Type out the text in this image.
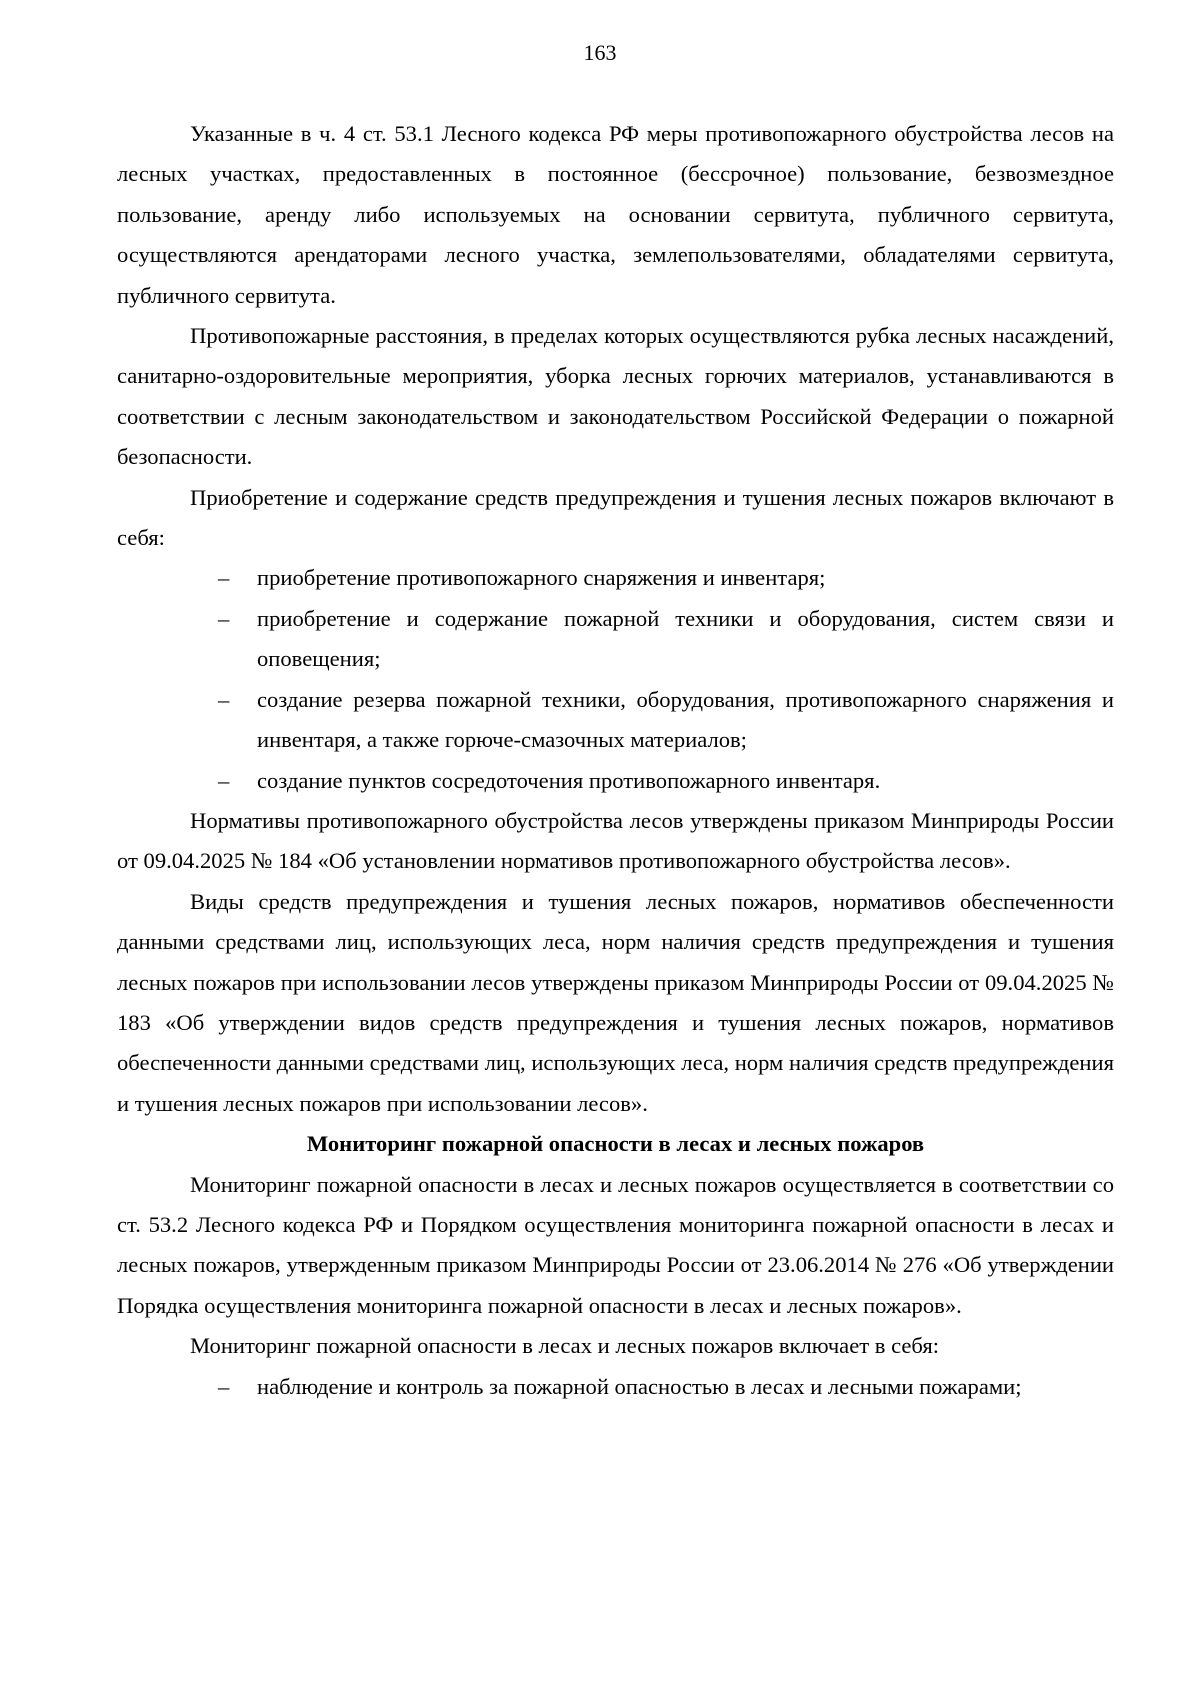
163

Указанные в ч. 4 ст. 53.1 Лесного кодекса РФ меры противопожарного обустройства лесов на лесных участках, предоставленных в постоянное (бессрочное) пользование, безвозмездное пользование, аренду либо используемых на основании сервитута, публичного сервитута, осуществляются арендаторами лесного участка, землепользователями, обладателями сервитута, публичного сервитута.

Противопожарные расстояния, в пределах которых осуществляются рубка лесных насаждений, санитарно-оздоровительные мероприятия, уборка лесных горючих материалов, устанавливаются в соответствии с лесным законодательством и законодательством Российской Федерации о пожарной безопасности.

Приобретение и содержание средств предупреждения и тушения лесных пожаров включают в себя:

– приобретение противопожарного снаряжения и инвентаря;
– приобретение и содержание пожарной техники и оборудования, систем связи и оповещения;
– создание резерва пожарной техники, оборудования, противопожарного снаряжения и инвентаря, а также горюче-смазочных материалов;
– создание пунктов сосредоточения противопожарного инвентаря.

Нормативы противопожарного обустройства лесов утверждены приказом Минприроды России от 09.04.2025 № 184 «Об установлении нормативов противопожарного обустройства лесов».

Виды средств предупреждения и тушения лесных пожаров, нормативов обеспеченности данными средствами лиц, использующих леса, норм наличия средств предупреждения и тушения лесных пожаров при использовании лесов утверждены приказом Минприроды России от 09.04.2025 № 183 «Об утверждении видов средств предупреждения и тушения лесных пожаров, нормативов обеспеченности данными средствами лиц, использующих леса, норм наличия средств предупреждения и тушения лесных пожаров при использовании лесов».

Мониторинг пожарной опасности в лесах и лесных пожаров

Мониторинг пожарной опасности в лесах и лесных пожаров осуществляется в соответствии со ст. 53.2 Лесного кодекса РФ и Порядком осуществления мониторинга пожарной опасности в лесах и лесных пожаров, утвержденным приказом Минприроды России от 23.06.2014 № 276 «Об утверждении Порядка осуществления мониторинга пожарной опасности в лесах и лесных пожаров».

Мониторинг пожарной опасности в лесах и лесных пожаров включает в себя:

– наблюдение и контроль за пожарной опасностью в лесах и лесными пожарами;
